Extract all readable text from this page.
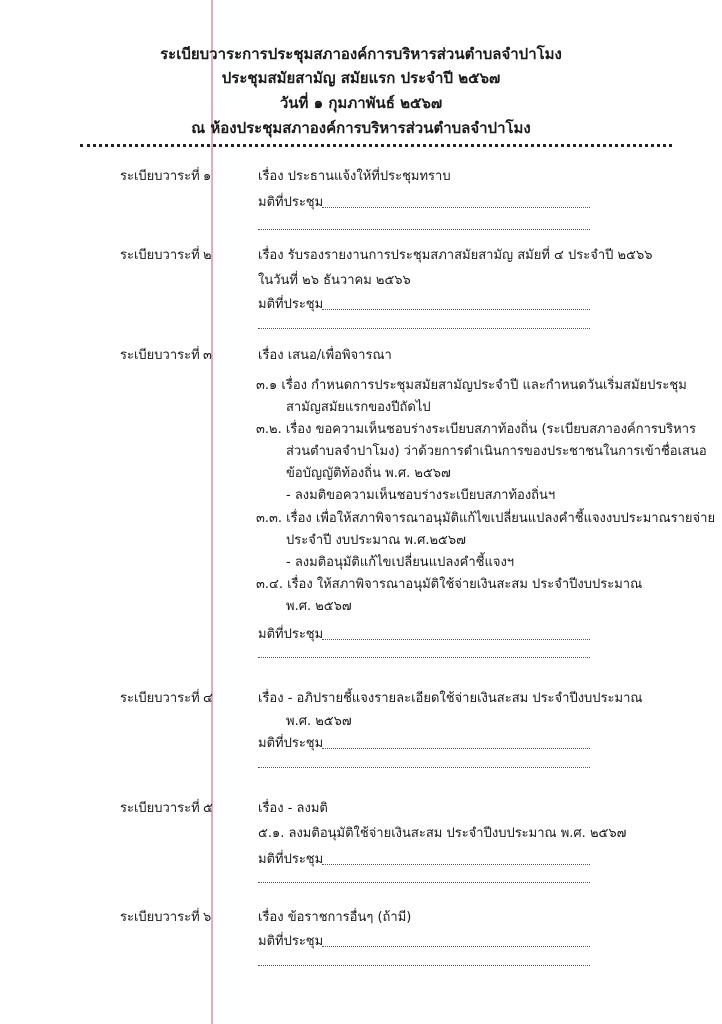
ระเบียบวาระการประชุมสภาองค์การบริหารส่วนตำบลจำปาโมง
ประชุมสมัยสามัญ สมัยแรก ประจำปี ๒๕๖๗
วันที่ ๑ กุมภาพันธ์ ๒๕๖๗
ณ ห้องประชุมสภาองค์การบริหารส่วนตำบลจำปาโมง
ระเบียบวาระที่ ๑	เรื่อง ประธานแจ้งให้ที่ประชุมทราบ
มติที่ประชุม
ระเบียบวาระที่ ๒	เรื่อง รับรองรายงานการประชุมสภาสมัยสามัญ สมัยที่ ๔ ประจำปี ๒๕๖๖
ในวันที่ ๒๖ ธันวาคม ๒๕๖๖
มติที่ประชุม
ระเบียบวาระที่ ๓	เรื่อง เสนอ/เพื่อพิจารณา
๓.๑ เรื่อง กำหนดการประชุมสมัยสามัญประจำปี และกำหนดวันเริ่มสมัยประชุม
สามัญสมัยแรกของปีถัดไป
๓.๒. เรื่อง ขอความเห็นชอบร่างระเบียบสภาท้องถิ่น (ระเบียบสภาองค์การบริหาร
ส่วนตำบลจำปาโมง) ว่าด้วยการดำเนินการของประชาชนในการเข้าชื่อเสนอ
ข้อบัญญัติท้องถิ่น พ.ศ. ๒๕๖๗
- ลงมติขอความเห็นชอบร่างระเบียบสภาท้องถิ่นฯ
๓.๓. เรื่อง เพื่อให้สภาพิจารณาอนุมัติแก้ไขเปลี่ยนแปลงคำชี้แจงงบประมาณรายจ่าย
ประจำปี งบประมาณ พ.ศ.๒๕๖๗
- ลงมติอนุมัติแก้ไขเปลี่ยนแปลงคำชี้แจงฯ
๓.๔. เรื่อง ให้สภาพิจารณาอนุมัติใช้จ่ายเงินสะสม ประจำปีงบประมาณ
พ.ศ. ๒๕๖๗
มติที่ประชุม
ระเบียบวาระที่ ๔	เรื่อง - อภิปรายชี้แจงรายละเอียดใช้จ่ายเงินสะสม ประจำปีงบประมาณ
พ.ศ. ๒๕๖๗
มติที่ประชุม
ระเบียบวาระที่ ๕	เรื่อง - ลงมติ
๕.๑. ลงมติอนุมัติใช้จ่ายเงินสะสม ประจำปีงบประมาณ พ.ศ. ๒๕๖๗
มติที่ประชุม
ระเบียบวาระที่ ๖	เรื่อง ข้อราชการอื่นๆ (ถ้ามี)
มติที่ประชุม
